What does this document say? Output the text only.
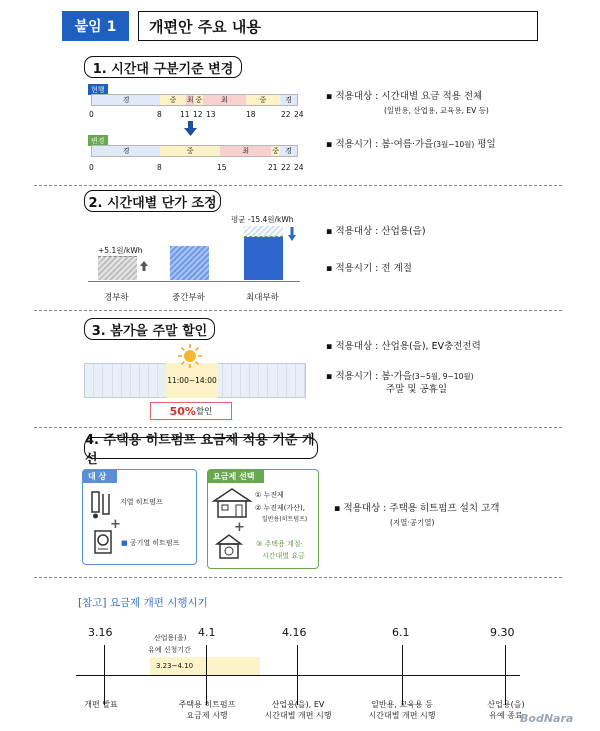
붙임 1	개편안 주요 내용
1. 시간대 구분기준 변경
현행
경	중	최 중	최	중	경
0	8 11 12 13	18	22 24
변경
경	중	최	중 경
0	8	15	21 22 24
▪ 적용대상 : 시간대별 요금 적용 전체
(일반용, 산업용, 교육용, EV 등)
▪ 적용시기 : 봄·여름·가을(3월~10월) 평일
2. 시간대별 단가 조정
평균 -15.4원/kWh
+5.1원/kWh
경부하	중간부하	최대부하
▪ 적용대상 : 산업용(을)
▪ 적용시기 : 전 계절
3. 봄가을 주말 할인
11:00~14:00
50% 할인
▪ 적용대상 : 산업용(을), EV충전전력
▪ 적용시기 : 봄·가을(3~5월, 9~10월)
주말 및 공휴일
4. 주택용 히트펌프 요금제 적용 기준 개선
대 상
지열 히트펌프
+
■ 공기열 히트펌프
요금제 선택
① 누진제
② 누진제(가산),
일반용(히트펌프)
+
③ 주택용 계절·
시간대별 요금
▪ 적용대상 : 주택용 히트펌프 설치 고객
(지열·공기열)
[참고] 요금제 개편 시행시기
3.16	4.1	4.16	6.1	9.30
산업용(을)
유예 신청기간
3.23~4.10
개편 발표	주택용 히트펌프
요금제 시행
산업용(을), EV
시간대별 개편 시행
일반용, 교육용 등
시간대별 개편 시행
산업용(을)
유예 종료
BodNara
